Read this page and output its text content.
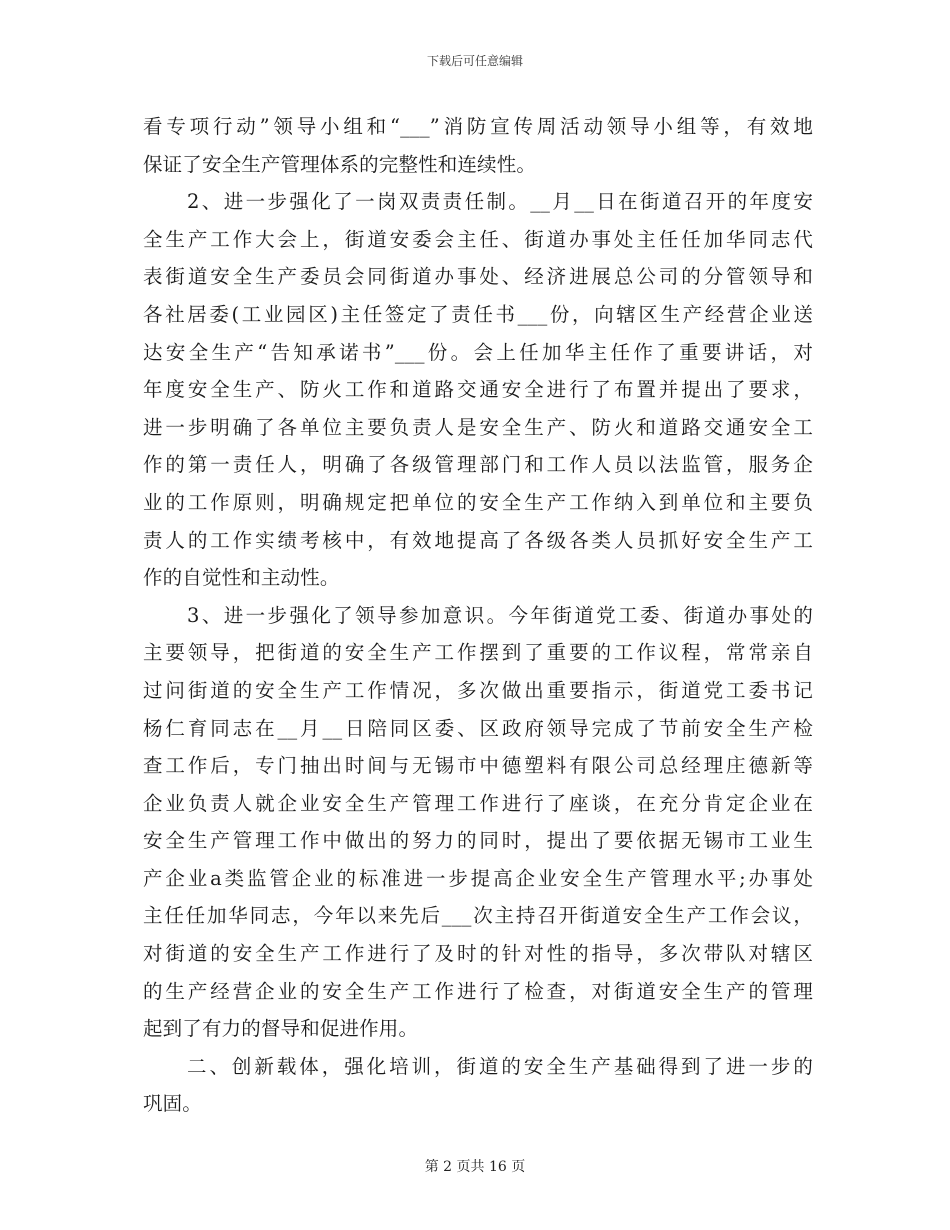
下载后可任意编辑
看专项行动”领导小组和“___”消防宣传周活动领导小组等，有效地
保证了安全生产管理体系的完整性和连续性。
2、进一步强化了一岗双责责任制。__月__日在街道召开的年度安
全生产工作大会上，街道安委会主任、街道办事处主任任加华同志代
表街道安全生产委员会同街道办事处、经济进展总公司的分管领导和
各社居委(工业园区)主任签定了责任书___份，向辖区生产经营企业送
达安全生产“告知承诺书”___份。会上任加华主任作了重要讲话，对
年度安全生产、防火工作和道路交通安全进行了布置并提出了要求，
进一步明确了各单位主要负责人是安全生产、防火和道路交通安全工
作的第一责任人，明确了各级管理部门和工作人员以法监管，服务企
业的工作原则，明确规定把单位的安全生产工作纳入到单位和主要负
责人的工作实绩考核中，有效地提高了各级各类人员抓好安全生产工
作的自觉性和主动性。
3、进一步强化了领导参加意识。今年街道党工委、街道办事处的
主要领导，把街道的安全生产工作摆到了重要的工作议程，常常亲自
过问街道的安全生产工作情况，多次做出重要指示，街道党工委书记
杨仁育同志在__月__日陪同区委、区政府领导完成了节前安全生产检
查工作后，专门抽出时间与无锡市中德塑料有限公司总经理庄德新等
企业负责人就企业安全生产管理工作进行了座谈，在充分肯定企业在
安全生产管理工作中做出的努力的同时，提出了要依据无锡市工业生
产企业a类监管企业的标准进一步提高企业安全生产管理水平;办事处
主任任加华同志，今年以来先后___次主持召开街道安全生产工作会议，
对街道的安全生产工作进行了及时的针对性的指导，多次带队对辖区
的生产经营企业的安全生产工作进行了检查，对街道安全生产的管理
起到了有力的督导和促进作用。
二、创新载体，强化培训，街道的安全生产基础得到了进一步的
巩固。
第 2 页共 16 页
